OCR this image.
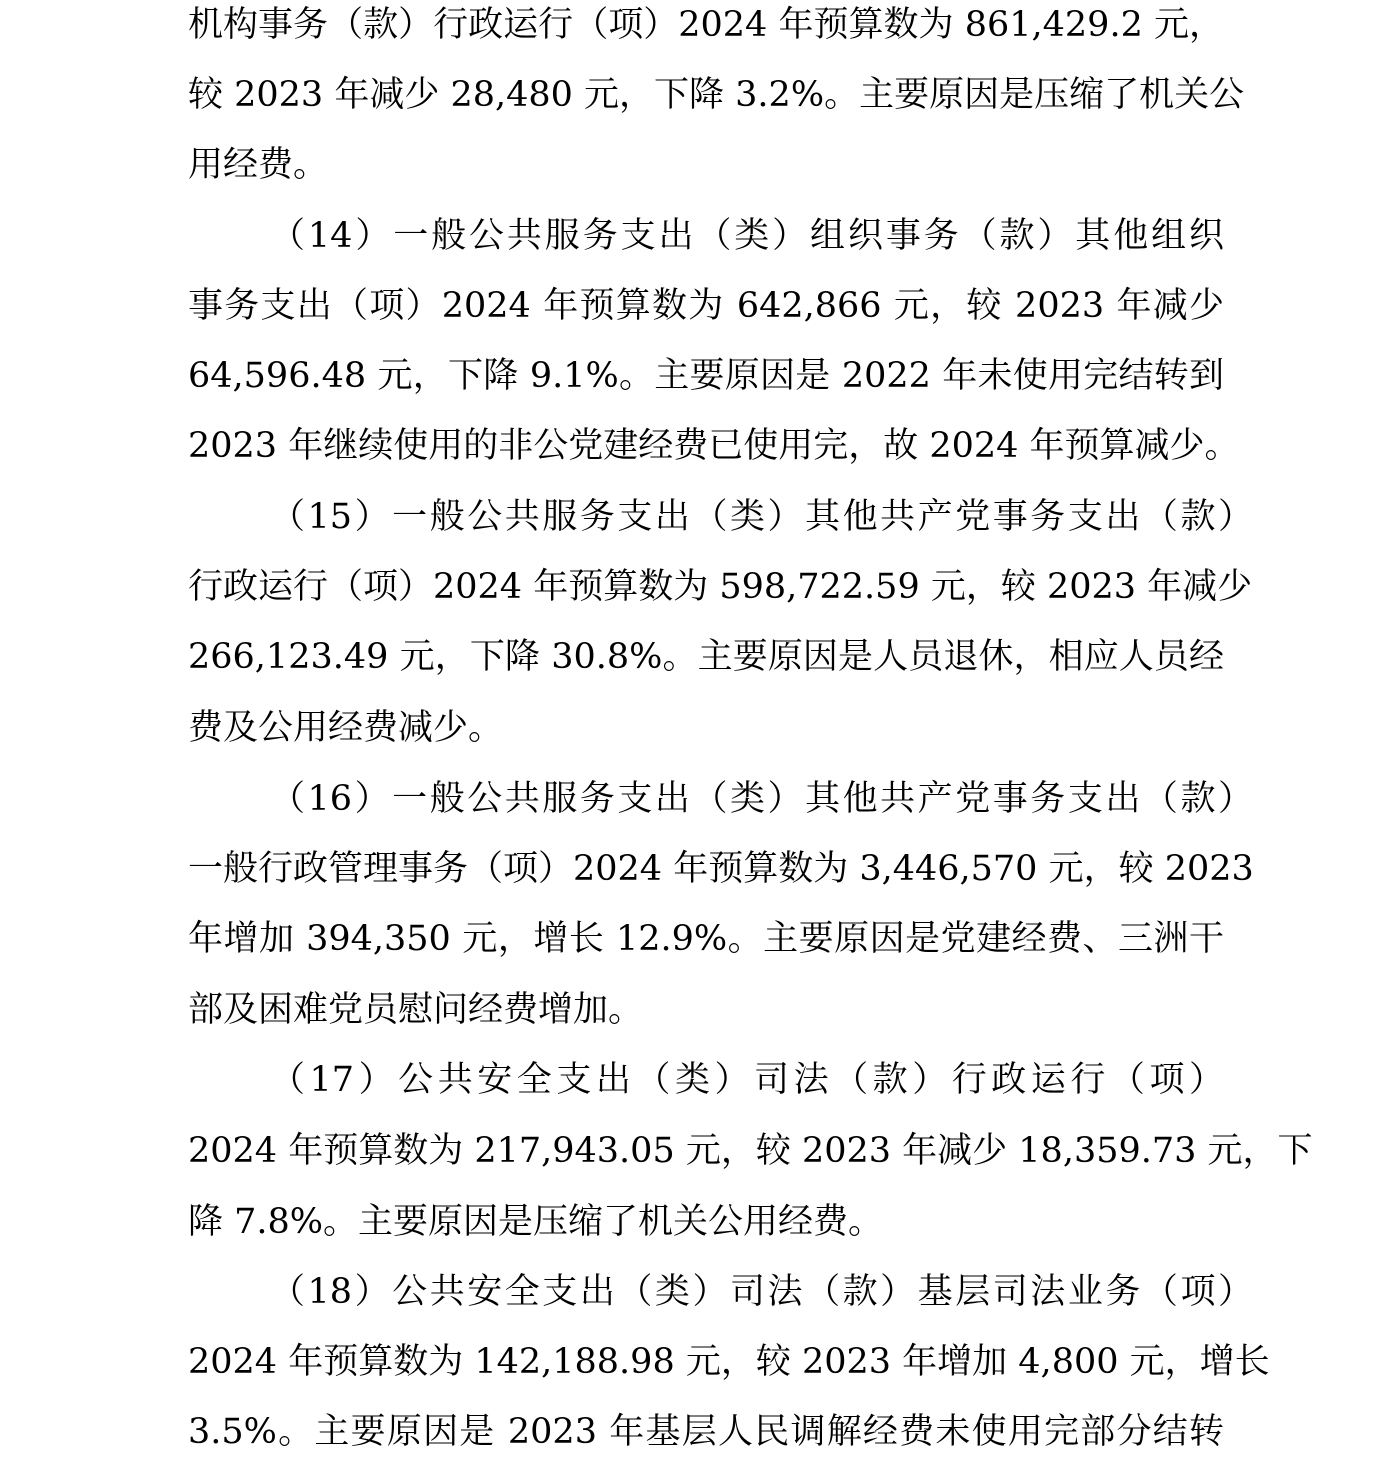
机构事务（款）行政运行（项）2024 年预算数为 861,429.2 元，
较 2023 年减少 28,480 元，下降 3.2%。主要原因是压缩了机关公
用经费。
（14）一般公共服务支出（类）组织事务（款）其他组织
事务支出（项）2024 年预算数为 642,866 元，较 2023 年减少
64,596.48 元，下降 9.1%。主要原因是 2022 年未使用完结转到
2023 年继续使用的非公党建经费已使用完，故 2024 年预算减少。
（15）一般公共服务支出（类）其他共产党事务支出（款）
行政运行（项）2024 年预算数为 598,722.59 元，较 2023 年减少
266,123.49 元，下降 30.8%。主要原因是人员退休，相应人员经
费及公用经费减少。
（16）一般公共服务支出（类）其他共产党事务支出（款）
一般行政管理事务（项）2024 年预算数为 3,446,570 元，较 2023
年增加 394,350 元，增长 12.9%。主要原因是党建经费、三洲干
部及困难党员慰问经费增加。
（17）公共安全支出（类）司法（款）行政运行（项）
2024 年预算数为 217,943.05 元，较 2023 年减少 18,359.73 元，下
降 7.8%。主要原因是压缩了机关公用经费。
（18）公共安全支出（类）司法（款）基层司法业务（项）
2024 年预算数为 142,188.98 元，较 2023 年增加 4,800 元，增长
3.5%。主要原因是 2023 年基层人民调解经费未使用完部分结转
